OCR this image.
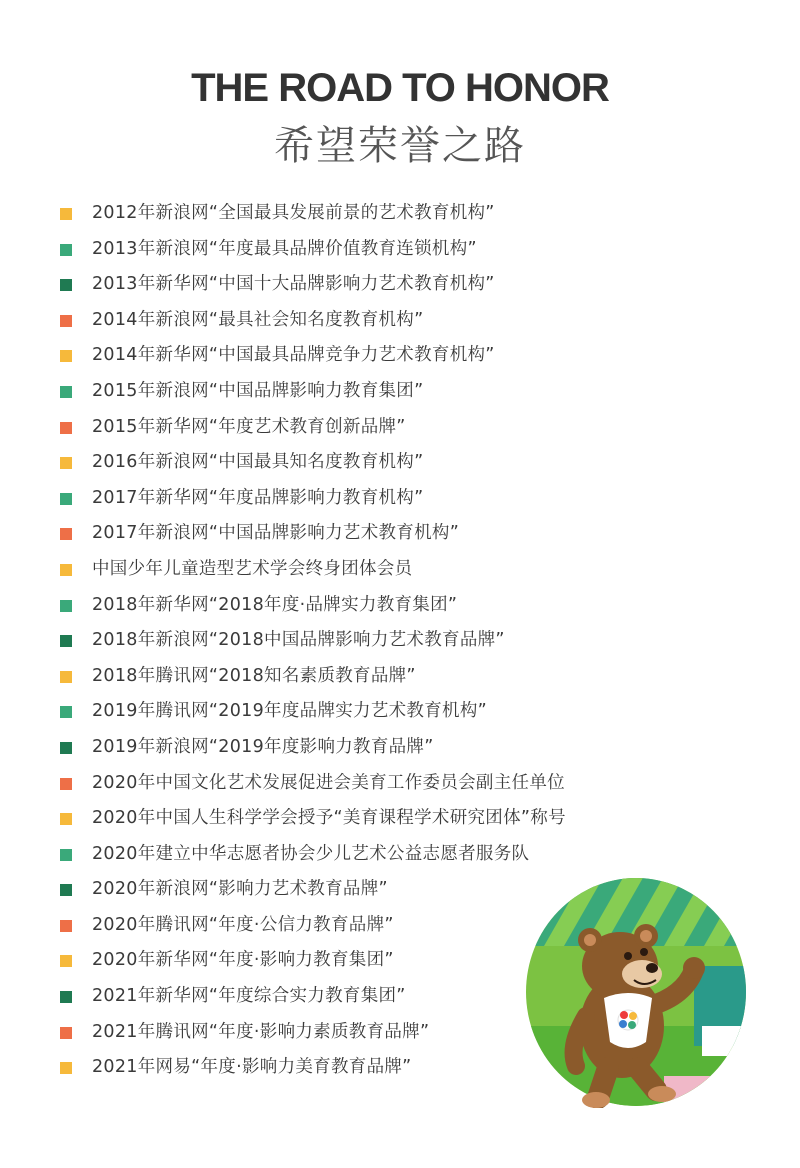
THE ROAD TO HONOR
希望荣誉之路
2012年新浪网“全国最具发展前景的艺术教育机构”
2013年新浪网“年度最具品牌价值教育连锁机构”
2013年新华网“中国十大品牌影响力艺术教育机构”
2014年新浪网“最具社会知名度教育机构”
2014年新华网“中国最具品牌竞争力艺术教育机构”
2015年新浪网“中国品牌影响力教育集团”
2015年新华网“年度艺术教育创新品牌”
2016年新浪网“中国最具知名度教育机构”
2017年新华网“年度品牌影响力教育机构”
2017年新浪网“中国品牌影响力艺术教育机构”
中国少年儿童造型艺术学会终身团体会员
2018年新华网“2018年度·品牌实力教育集团”
2018年新浪网“2018中国品牌影响力艺术教育品牌”
2018年腾讯网“2018知名素质教育品牌”
2019年腾讯网“2019年度品牌实力艺术教育机构”
2019年新浪网“2019年度影响力教育品牌”
2020年中国文化艺术发展促进会美育工作委员会副主任单位
2020年中国人生科学学会授予“美育课程学术研究团体”称号
2020年建立中华志愿者协会少儿艺术公益志愿者服务队
2020年新浪网“影响力艺术教育品牌”
2020年腾讯网“年度·公信力教育品牌”
2020年新华网“年度·影响力教育集团”
2021年新华网“年度综合实力教育集团”
2021年腾讯网“年度·影响力素质教育品牌”
2021年网易“年度·影响力美育教育品牌”
